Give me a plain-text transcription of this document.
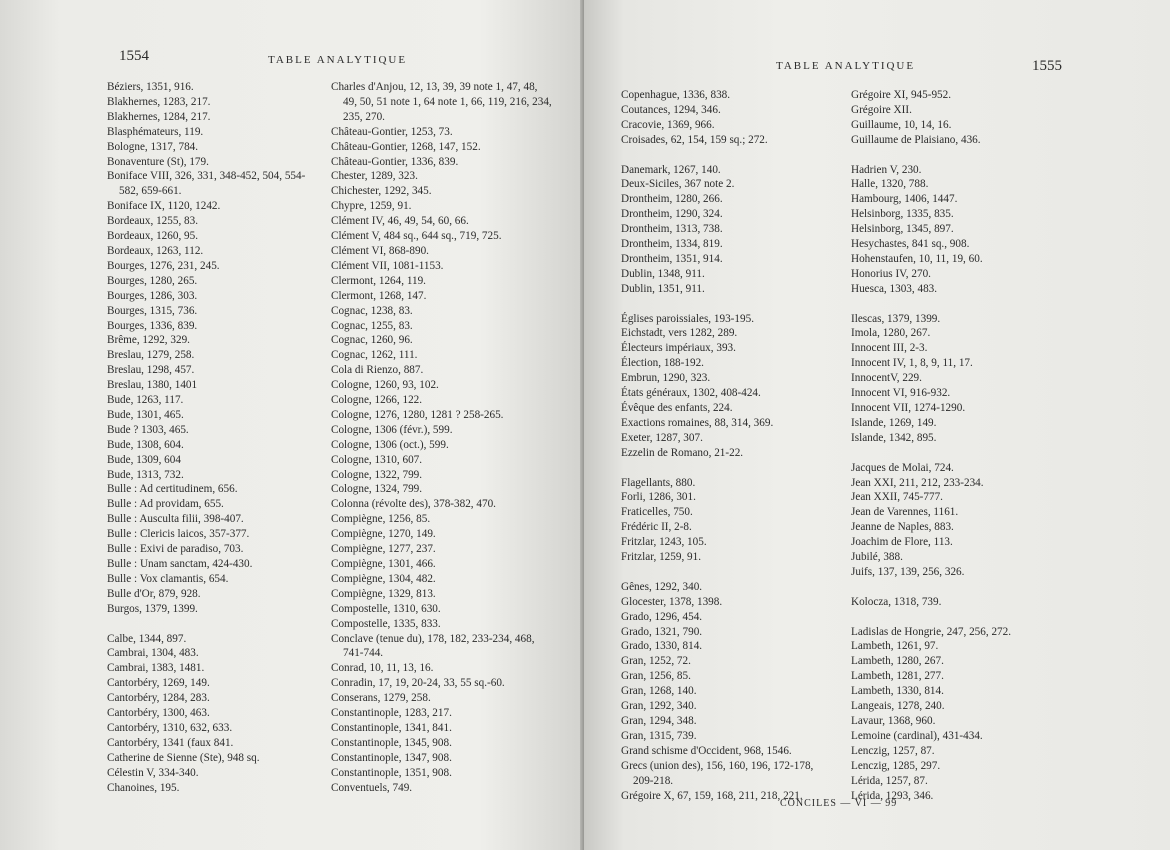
1554	TABLE ANALYTIQUE
Béziers, 1351, 916.
Blakhernes, 1283, 217.
Blakhernes, 1284, 217.
Blasphémateurs, 119.
Bologne, 1317, 784.
Bonaventure (St), 179.
Boniface VIII, 326, 331, 348-452, 504, 554-582, 659-661.
Boniface IX, 1120, 1242.
Bordeaux, 1255, 83.
Bordeaux, 1260, 95.
Bordeaux, 1263, 112.
Bourges, 1276, 231, 245.
Bourges, 1280, 265.
Bourges, 1286, 303.
Bourges, 1315, 736.
Bourges, 1336, 839.
Brême, 1292, 329.
Breslau, 1279, 258.
Breslau, 1298, 457.
Breslau, 1380, 1401
Bude, 1263, 117.
Bude, 1301, 465.
Bude ? 1303, 465.
Bude, 1308, 604.
Bude, 1309, 604
Bude, 1313, 732.
Bulle : Ad certitudinem, 656.
Bulle : Ad providam, 655.
Bulle : Ausculta filii, 398-407.
Bulle : Clericis laicos, 357-377.
Bulle : Exivi de paradiso, 703.
Bulle : Unam sanctam, 424-430.
Bulle : Vox clamantis, 654.
Bulle d'Or, 879, 928.
Burgos, 1379, 1399.
Calbe, 1344, 897.
Cambrai, 1304, 483.
Cambrai, 1383, 1481.
Cantorbéry, 1269, 149.
Cantorbéry, 1284, 283.
Cantorbéry, 1300, 463.
Cantorbéry, 1310, 632, 633.
Cantorbéry, 1341 (faux 841.
Catherine de Sienne (Ste), 948 sq.
Célestin V, 334-340.
Chanoines, 195.
Charles d'Anjou, 12, 13, 39, 39 note 1, 47, 48, 49, 50, 51 note 1, 64 note 1, 66, 119, 216, 234, 235, 270.
Château-Gontier, 1253, 73.
Château-Gontier, 1268, 147, 152.
Château-Gontier, 1336, 839.
Chester, 1289, 323.
Chichester, 1292, 345.
Chypre, 1259, 91.
Clément IV, 46, 49, 54, 60, 66.
Clément V, 484 sq., 644 sq., 719, 725.
Clément VI, 868-890.
Clément VII, 1081-1153.
Clermont, 1264, 119.
Clermont, 1268, 147.
Cognac, 1238, 83.
Cognac, 1255, 83.
Cognac, 1260, 96.
Cognac, 1262, 111.
Cola di Rienzo, 887.
Cologne, 1260, 93, 102.
Cologne, 1266, 122.
Cologne, 1276, 1280, 1281 ? 258-265.
Cologne, 1306 (févr.), 599.
Cologne, 1306 (oct.), 599.
Cologne, 1310, 607.
Cologne, 1322, 799.
Cologne, 1324, 799.
Colonna (révolte des), 378-382, 470.
Compiègne, 1256, 85.
Compiègne, 1270, 149.
Compiègne, 1277, 237.
Compiègne, 1301, 466.
Compiègne, 1304, 482.
Compiègne, 1329, 813.
Compostelle, 1310, 630.
Compostelle, 1335, 833.
Conclave (tenue du), 178, 182, 233-234, 468, 741-744.
Conrad, 10, 11, 13, 16.
Conradin, 17, 19, 20-24, 33, 55 sq.-60.
Conserans, 1279, 258.
Constantinople, 1283, 217.
Constantinople, 1341, 841.
Constantinople, 1345, 908.
Constantinople, 1347, 908.
Constantinople, 1351, 908.
Conventuels, 749.
TABLE ANALYTIQUE	1555
Copenhague, 1336, 838.
Coutances, 1294, 346.
Cracovie, 1369, 966.
Croisades, 62, 154, 159 sq.; 272.
Danemark, 1267, 140.
Deux-Siciles, 367 note 2.
Drontheim, 1280, 266.
Drontheim, 1290, 324.
Drontheim, 1313, 738.
Drontheim, 1334, 819.
Drontheim, 1351, 914.
Dublin, 1348, 911.
Dublin, 1351, 911.
Églises paroissiales, 193-195.
Eichstadt, vers 1282, 289.
Électeurs impériaux, 393.
Élection, 188-192.
Embrun, 1290, 323.
États généraux, 1302, 408-424.
Évêque des enfants, 224.
Exactions romaines, 88, 314, 369.
Exeter, 1287, 307.
Ezzelin de Romano, 21-22.
Flagellants, 880.
Forli, 1286, 301.
Fraticelles, 750.
Frédéric II, 2-8.
Fritzlar, 1243, 105.
Fritzlar, 1259, 91.
Gênes, 1292, 340.
Glocester, 1378, 1398.
Grado, 1296, 454.
Grado, 1321, 790.
Grado, 1330, 814.
Gran, 1252, 72.
Gran, 1256, 85.
Gran, 1268, 140.
Gran, 1292, 340.
Gran, 1294, 348.
Gran, 1315, 739.
Grand schisme d'Occident, 968, 1546.
Grecs (union des), 156, 160, 196, 172-178, 209-218.
Grégoire X, 67, 159, 168, 211, 218, 221.
Grégoire XI, 945-952.
Grégoire XII.
Guillaume, 10, 14, 16.
Guillaume de Plaisiano, 436.
Hadrien V, 230.
Halle, 1320, 788.
Hambourg, 1406, 1447.
Helsinborg, 1335, 835.
Helsinborg, 1345, 897.
Hesychastes, 841 sq., 908.
Hohenstaufen, 10, 11, 19, 60.
Honorius IV, 270.
Huesca, 1303, 483.
Ilescas, 1379, 1399.
Imola, 1280, 267.
Innocent III, 2-3.
Innocent IV, 1, 8, 9, 11, 17.
InnocentV, 229.
Innocent VI, 916-932.
Innocent VII, 1274-1290.
Islande, 1269, 149.
Islande, 1342, 895.
Jacques de Molai, 724.
Jean XXI, 211, 212, 233-234.
Jean XXII, 745-777.
Jean de Varennes, 1161.
Jeanne de Naples, 883.
Joachim de Flore, 113.
Jubilé, 388.
Juifs, 137, 139, 256, 326.
Kolocza, 1318, 739.
Ladislas de Hongrie, 247, 256, 272.
Lambeth, 1261, 97.
Lambeth, 1280, 267.
Lambeth, 1281, 277.
Lambeth, 1330, 814.
Langeais, 1278, 240.
Lavaur, 1368, 960.
Lemoine (cardinal), 431-434.
Lenczig, 1257, 87.
Lenczig, 1285, 297.
Lérida, 1257, 87.
Lérida, 1293, 346.
CONCILES — VI — 99
